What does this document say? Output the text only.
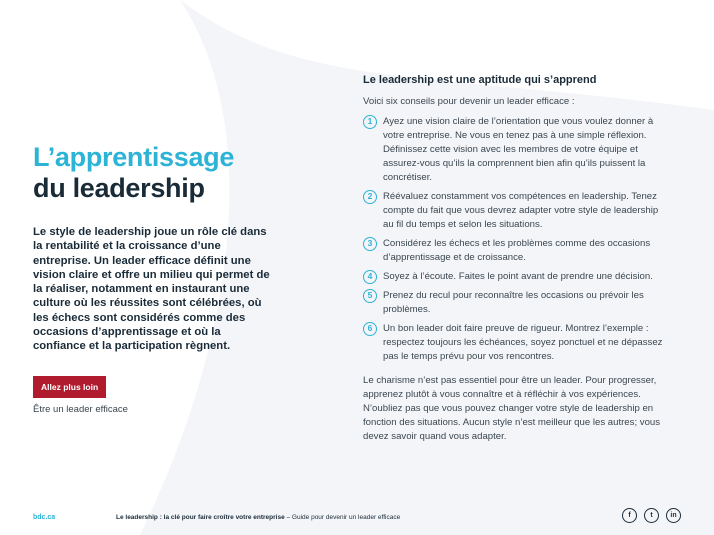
L’apprentissage
du leadership

Le style de leadership joue un rôle clé dans la rentabilité et la croissance d’une entreprise. Un leader efficace définit une vision claire et offre un milieu qui permet de la réaliser, notamment en instaurant une culture où les réussites sont célébrées, où les échecs sont considérés comme des occasions d’apprentissage et où la confiance et la participation règnent.

Allez plus loin

Être un leader efficace

Le leadership est une aptitude qui s’apprend

Voici six conseils pour devenir un leader efficace :

1	Ayez une vision claire de l’orientation que vous voulez donner à votre entreprise. Ne vous en tenez pas à une simple réflexion. Définissez cette vision avec les membres de votre équipe et assurez-vous qu’ils la comprennent bien afin qu’ils puissent la concrétiser.
2	Réévaluez constamment vos compétences en leadership. Tenez compte du fait que vous devrez adapter votre style de leadership au fil du temps et selon les situations.
3	Considérez les échecs et les problèmes comme des occasions d’apprentissage et de croissance.
4	Soyez à l’écoute. Faites le point avant de prendre une décision.
5	Prenez du recul pour reconnaître les occasions ou prévoir les problèmes.
6	Un bon leader doit faire preuve de rigueur. Montrez l’exemple : respectez toujours les échéances, soyez ponctuel et ne dépassez pas le temps prévu pour vos rencontres.

Le charisme n’est pas essentiel pour être un leader. Pour progresser, apprenez plutôt à vous connaître et à réfléchir à vos expériences. N’oubliez pas que vous pouvez changer votre style de leadership en fonction des situations. Aucun style n’est meilleur que les autres; vous devez savoir quand vous adapter.

bdc.ca	Le leadership : la clé pour faire croître votre entreprise – Guide pour devenir un leader efficace	f	t	in
